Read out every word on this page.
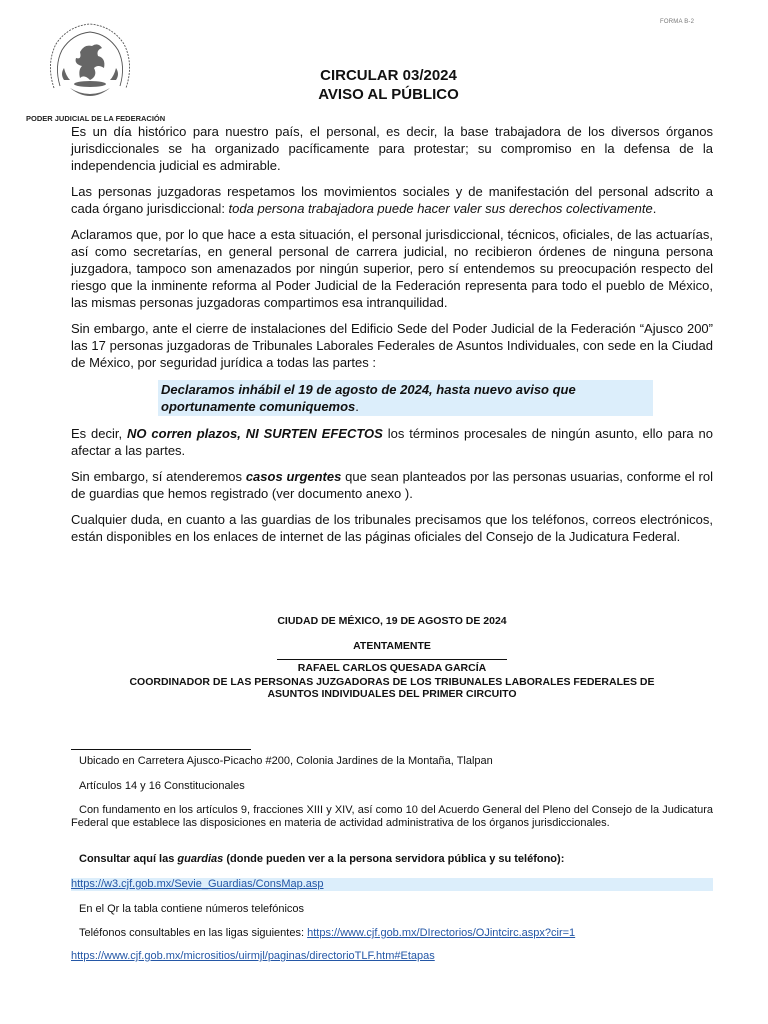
FORMA B-2
PODER JUDICIAL DE LA FEDERACIÓN
CIRCULAR 03/2024
AVISO AL PÚBLICO

Es un día histórico para nuestro país, el personal, es decir, la base trabajadora de los diversos órganos jurisdiccionales se ha organizado pacíficamente para protestar; su compromiso en la defensa de la independencia judicial es admirable.

Las personas juzgadoras respetamos los movimientos sociales y de manifestación del personal adscrito a cada órgano jurisdiccional: toda persona trabajadora puede hacer valer sus derechos colectivamente.

Aclaramos que, por lo que hace a esta situación, el personal jurisdiccional, técnicos, oficiales, de las actuarías, así como secretarías, en general personal de carrera judicial, no recibieron órdenes de ninguna persona juzgadora, tampoco son amenazados por ningún superior, pero sí entendemos su preocupación respecto del riesgo que la inminente reforma al Poder Judicial de la Federación representa para todo el pueblo de México, las mismas personas juzgadoras compartimos esa intranquilidad.

Sin embargo, ante el cierre de instalaciones del Edificio Sede del Poder Judicial de la Federación “Ajusco 200” las 17 personas juzgadoras de Tribunales Laborales Federales de Asuntos Individuales, con sede en la Ciudad de México, por seguridad jurídica a todas las partes :

Declaramos inhábil el 19 de agosto de 2024, hasta nuevo aviso que oportunamente comuniquemos.

Es decir, NO corren plazos, NI SURTEN EFECTOS los términos procesales de ningún asunto, ello para no afectar a las partes.

Sin embargo, sí atenderemos casos urgentes que sean planteados por las personas usuarias, conforme el rol de guardias que hemos registrado (ver documento anexo ).

Cualquier duda, en cuanto a las guardias de los tribunales precisamos que los teléfonos, correos electrónicos, están disponibles en los enlaces de internet de las páginas oficiales del Consejo de la Judicatura Federal.

CIUDAD DE MÉXICO, 19 DE AGOSTO DE 2024
ATENTAMENTE
RAFAEL CARLOS QUESADA GARCÍA
COORDINADOR DE LAS PERSONAS JUZGADORAS DE LOS TRIBUNALES LABORALES FEDERALES DE
ASUNTOS INDIVIDUALES DEL PRIMER CIRCUITO
Ubicado en Carretera Ajusco-Picacho #200, Colonia Jardines de la Montaña, Tlalpan
Artículos 14 y 16 Constitucionales
Con fundamento en los artículos 9, fracciones XIII y XIV, así como 10 del Acuerdo General del Pleno del Consejo de la Judicatura Federal que establece las disposiciones en materia de actividad administrativa de los órganos jurisdiccionales.
Consultar aquí las guardias (donde pueden ver a la persona servidora pública y su teléfono):
https://w3.cjf.gob.mx/Sevie_Guardias/ConsMap.asp
En el Qr la tabla contiene números telefónicos
Teléfonos consultables en las ligas siguientes: https://www.cjf.gob.mx/DIrectorios/OJintcirc.aspx?cir=1
https://www.cjf.gob.mx/micrositios/uirmjl/paginas/directorioTLF.htm#Etapas
